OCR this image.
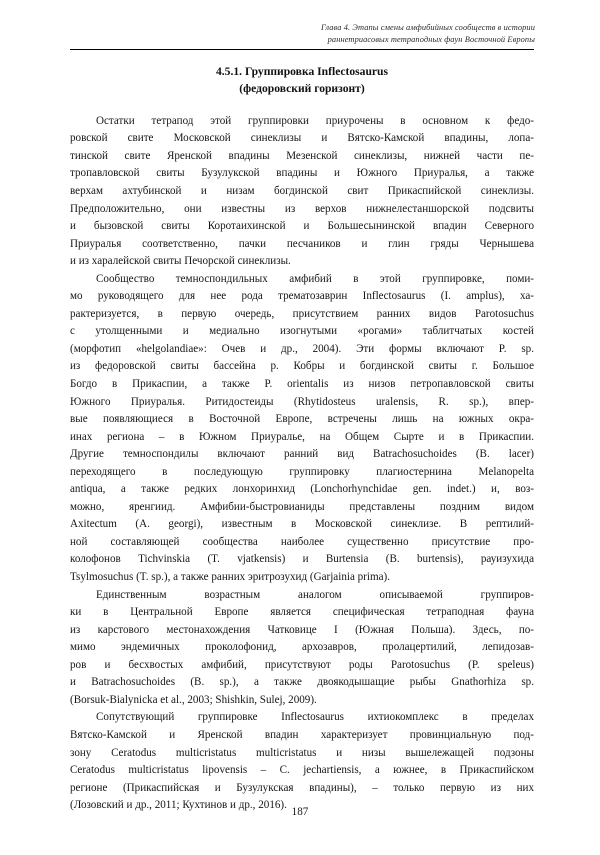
Глава 4. Этапы смены амфибийных сообществ в истории
раннетриасовых тетраподных фаун Восточной Европы
4.5.1. Группировка Inflectosaurus
(федоровский горизонт)

Остатки тетрапод этой группировки приурочены в основном к федо-
ровской свите Московской синеклизы и Вятско-Камской впадины, лопа-
тинской свите Яренской впадины Мезенской синеклизы, нижней части пе-
тропавловской свиты Бузулукской впадины и Южного Приуралья, а также
верхам ахтубинской и низам богдинской свит Прикаспийской синеклизы.
Предположительно, они известны из верхов нижнелестаншорской подсвиты
и бызовской свиты Коротаихинской и Большесынинской впадин Северного
Приуралья соответственно, пачки песчаников и глин гряды Чернышева
и из харалейской свиты Печорской синеклизы.

Сообщество темноспондильных амфибий в этой группировке, поми-
мо руководящего для нее рода трематозаврин Inflectosaurus (I. amplus), ха-
рактеризуется, в первую очередь, присутствием ранних видов Parotosuchus
с утолщенными и медиально изогнутыми «рогами» таблитчатых костей
(морфотип «helgolandiae»: Очев и др., 2004). Эти формы включают P. sp.
из федоровской свиты бассейна р. Кобры и богдинской свиты г. Большое
Богдо в Прикаспии, а также P. orientalis из низов петропавловской свиты
Южного Приуралья. Ритидостеиды (Rhytidosteus uralensis, R. sp.), впер-
вые появляющиеся в Восточной Европе, встречены лишь на южных окра-
инах региона – в Южном Приуралье, на Общем Сырте и в Прикаспии.
Другие темноспондилы включают ранний вид Batrachosuchoides (B. lacer)
переходящего в последующую группировку плагиостернина Melanopelta
antiqua, а также редких лонхоринхид (Lonchorhynchidae gen. indet.) и, воз-
можно, яренгиид. Амфибии-быстровианиды представлены поздним видом
Axitectum (A. georgi), известным в Московской синеклизе. В рептилий-
ной составляющей сообщества наиболее существенно присутствие про-
колофонов Tichvinskia (T. vjatkensis) и Burtensia (B. burtensis), рауизухида
Tsylmosuchus (T. sp.), а также ранних эритрозухид (Garjainia prima).

Единственным возрастным аналогом описываемой группиров-
ки в Центральной Европе является специфическая тетраподная фауна
из карстового местонахождения Чатковице I (Южная Польша). Здесь, по-
мимо эндемичных проколофонид, архозавров, пролацертилий, лепидозав-
ров и бесхвостых амфибий, присутствуют роды Parotosuchus (P. speleus)
и Batrachosuchoides (B. sp.), а также двоякодышащие рыбы Gnathorhiza sp.
(Borsuk-Bialynicka et al., 2003; Shishkin, Sulej, 2009).

Сопутствующий группировке Inflectosaurus ихтиокомплекс в пределах
Вятско-Камской и Яренской впадин характеризует провинциальную под-
зону Ceratodus multicristatus multicristatus и низы вышележащей подзоны
Ceratodus multicristatus lipovensis – C. jechartiensis, а южнее, в Прикаспийском
регионе (Прикаспийская и Бузулукская впадины), – только первую из них
(Лозовский и др., 2011; Кухтинов и др., 2016).

187
